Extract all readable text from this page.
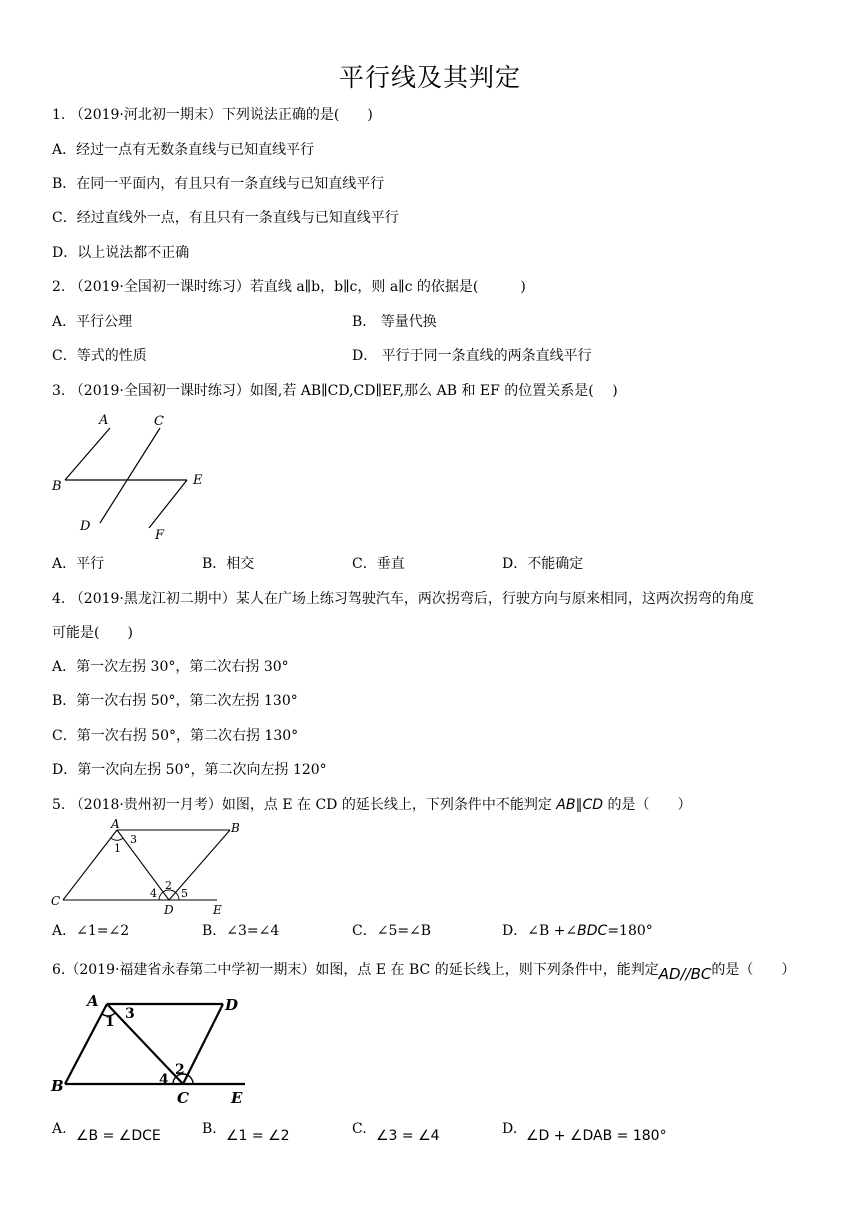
平行线及其判定
1. （2019·河北初一期末）下列说法正确的是(　　)
A．经过一点有无数条直线与已知直线平行
B．在同一平面内，有且只有一条直线与已知直线平行
C．经过直线外一点，有且只有一条直线与已知直线平行
D．以上说法都不正确
2. （2019·全国初一课时练习）若直线 a∥b，b∥c，则 a∥c 的依据是(　　　)
A．平行公理	B． 等量代换
C．等式的性质	D． 平行于同一条直线的两条直线平行
3. （2019·全国初一课时练习）如图,若 AB∥CD,CD∥EF,那么 AB 和 EF 的位置关系是(　 )
A	C
B	E
D
F
A．平行	B．相交	C．垂直	D．不能确定
4. （2019·黑龙江初二期中）某人在广场上练习驾驶汽车，两次拐弯后，行驶方向与原来相同，这两次拐弯的角度
可能是(　　)
A．第一次左拐 30°，第二次右拐 30°
B．第一次右拐 50°，第二次左拐 130°
C．第一次右拐 50°，第二次右拐 130°
D．第一次向左拐 50°，第二次向左拐 120°
5. （2018·贵州初一月考）如图，点 E 在 CD 的延长线上，下列条件中不能判定 AB∥CD 的是（　　）
A	B
C
D	E
1
3
4
2
5
A．∠1=∠2	B．∠3=∠4	C．∠5=∠B	D．∠B +∠BDC=180°
6.（2019·福建省永春第二中学初一期末）如图，点 E 在 BC 的延长线上，则下列条件中，能判定AD//BC的是（　　）
A	D
B
C	E
1 3
4
2
A. ∠B = ∠DCE	B. ∠1 = ∠2	C. ∠3 = ∠4	D. ∠D + ∠DAB = 180°
